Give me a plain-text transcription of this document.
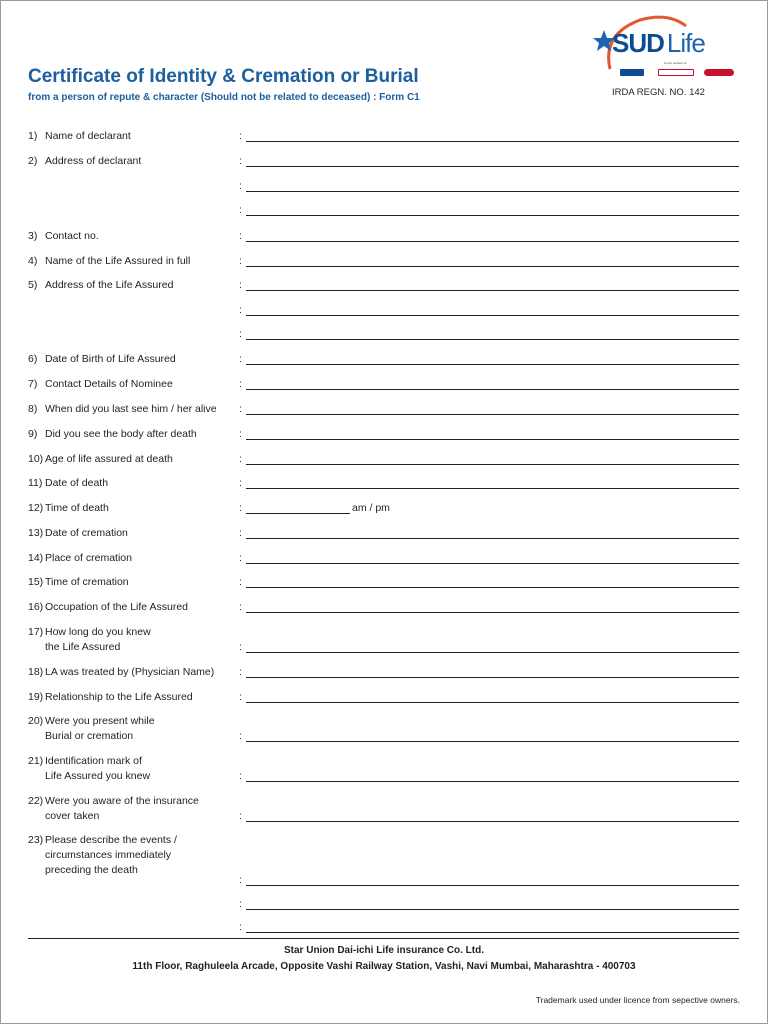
SUD Life
A joint venture of
Certificate of Identity & Cremation or Burial
from a person of repute & character (Should not be related to deceased) : Form C1	IRDA REGN. NO. 142
1) Name of declarant	:
2) Address of declarant	:
:
:
3) Contact no.	:
4) Name of the Life Assured in full	:
5) Address of the Life Assured	:
:
:
6) Date of Birth of Life Assured	:
7) Contact Details of Nominee	:
8) When did you last see him / her alive :
9) Did you see the body after death	:
10) Age of life assured at death	:
11) Date of death	:
12) Time of death	:	am / pm
13) Date of cremation	:
14) Place of cremation	:
15) Time of cremation	:
16) Occupation of the Life Assured	:
17) How long do you knew
the Life Assured	:
18) LA was treated by (Physician Name) :
19) Relationship to the Life Assured	:
20) Were you present while
Burial or cremation	:
21) Identification mark of
Life Assured you knew	:
22) Were you aware of the insurance
cover taken	:
23) Please describe the events /
circumstances immediately
preceding the death
:
:
:
Star Union Dai-ichi Life insurance Co. Ltd.
11th Floor, Raghuleela Arcade, Opposite Vashi Railway Station, Vashi, Navi Mumbai, Maharashtra - 400703
Trademark used under licence from sepective owners.
